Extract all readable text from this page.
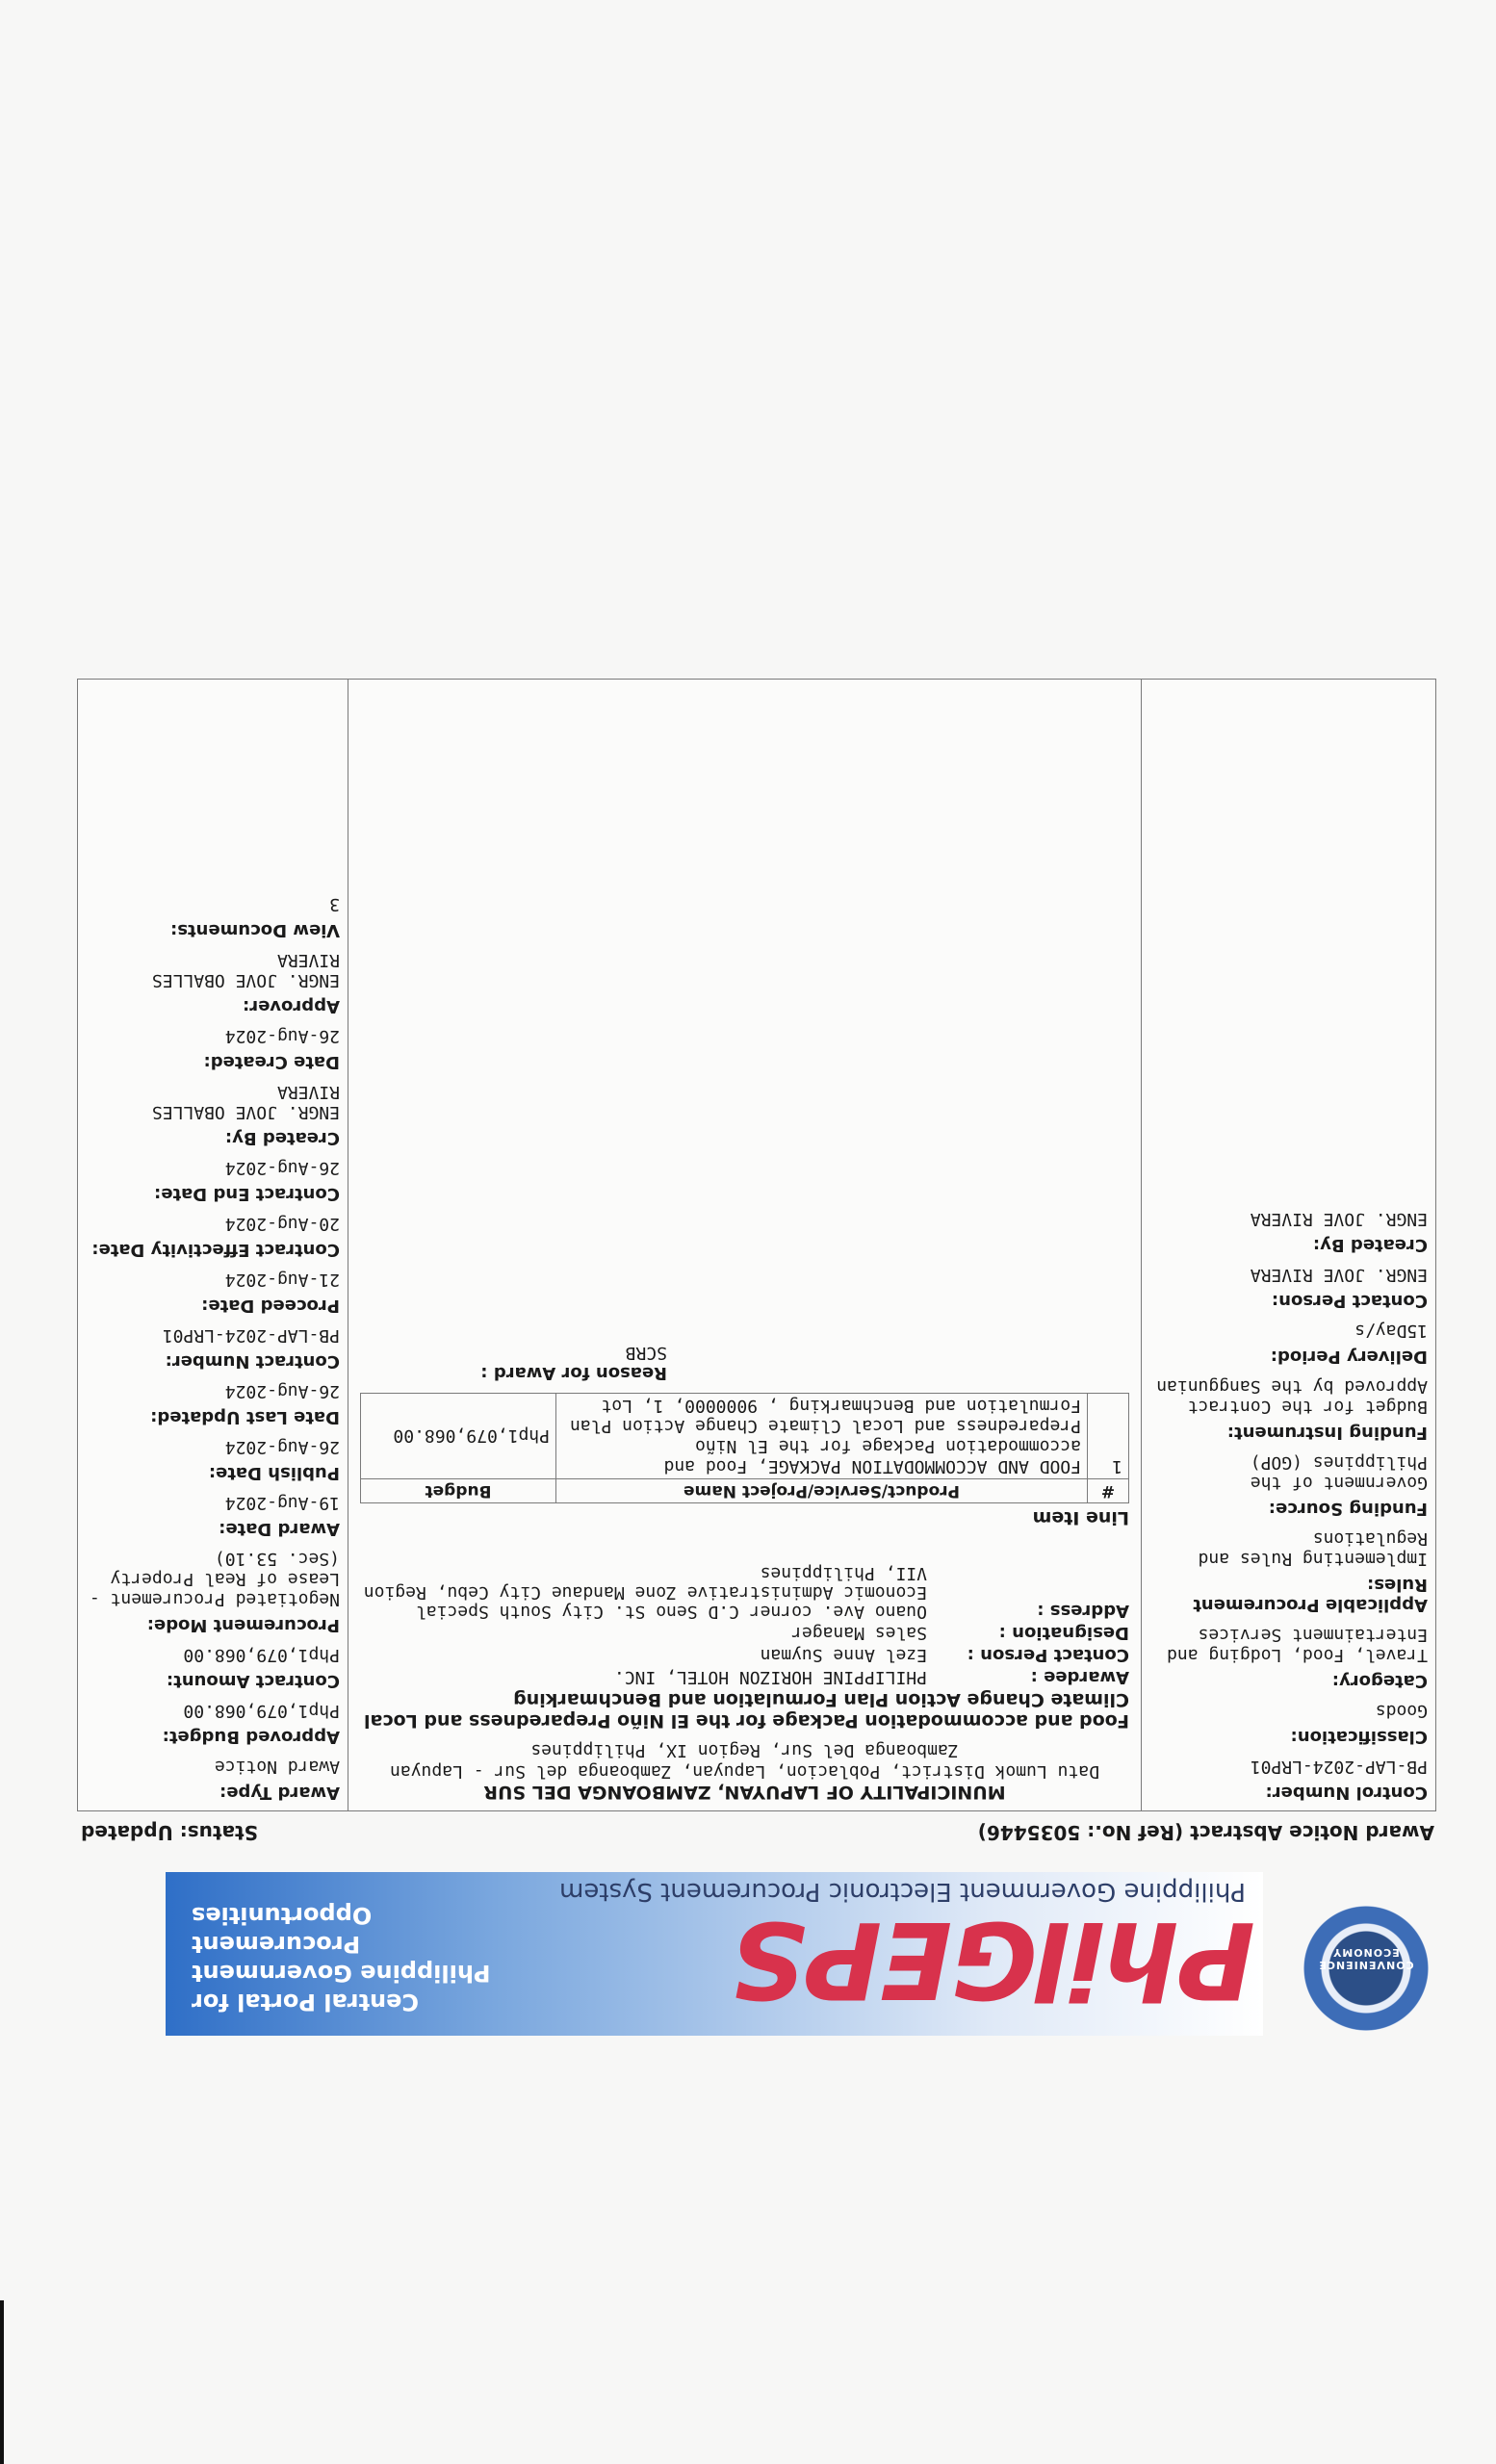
CONVENIENCE ECONOMY
PhilGEPS
Philippine Government Electronic Procurement System
Central Portal for Philippine Government Procurement Opportunities
Award Notice Abstract (Ref No.: 5035446)
Status: Updated
Control Number:
PB-LAP-2024-LRP01
Classification:
Goods
Category:
Travel, Food, Lodging and Entertainment Services
Applicable Procurement Rules:
Implementing Rules and Regulations
Funding Source:
Government of the Philippines (GOP)
Funding Instrument:
Budget for the Contract Approved by the Sanggunian
Delivery Period:
15Day/s
Contact Person:
ENGR. JOVE RIVERA
Created By:
ENGR. JOVE RIVERA
MUNICIPALITY OF LAPUYAN, ZAMBOANGA DEL SUR
Datu Lumok District, Poblacion, Lapuyan, Zamboanga del Sur - Lapuyan Zamboanga Del Sur, Region IX, Philippines
Food and accommodation Package for the El Niño Preparedness and Local Climate Change Action Plan Formulation and Benchmarking
Awardee :
PHILIPPINE HORIZON HOTEL, INC.
Contact Person :
Ezel Anne Suyman
Designation :
Sales Manager
Address :
Ouano Ave. corner C.D Seno St. City South Special Economic Administrative Zone Mandaue City Cebu, Region VII, Philippines
Line Item
#	Product/Service/Project Name	Budget
1	FOOD AND ACCOMMODATION PACKAGE, Food and accommodation Package for the El Niño Preparedness and Local Climate Change Action Plan Formulation and Benchmarking , 9000000, 1, Lot	Php1,079,068.00
Reason for Award :
SCRB
Award Type:
Award Notice
Approved Budget:
Php1,079,068.00
Contract Amount:
Php1,079,068.00
Procurement Mode:
Negotiated Procurement - Lease of Real Property (Sec. 53.10)
Award Date:
19-Aug-2024
Publish Date:
26-Aug-2024
Date Last Updated:
26-Aug-2024
Contract Number:
PB-LAP-2024-LRP01
Proceed Date:
21-Aug-2024
Contract Effectivity Date:
20-Aug-2024
Contract End Date:
26-Aug-2024
Created By:
ENGR. JOVE OBALLES RIVERA
Date Created:
26-Aug-2024
Approver:
ENGR. JOVE OBALLES RIVERA
View Documents:
3
